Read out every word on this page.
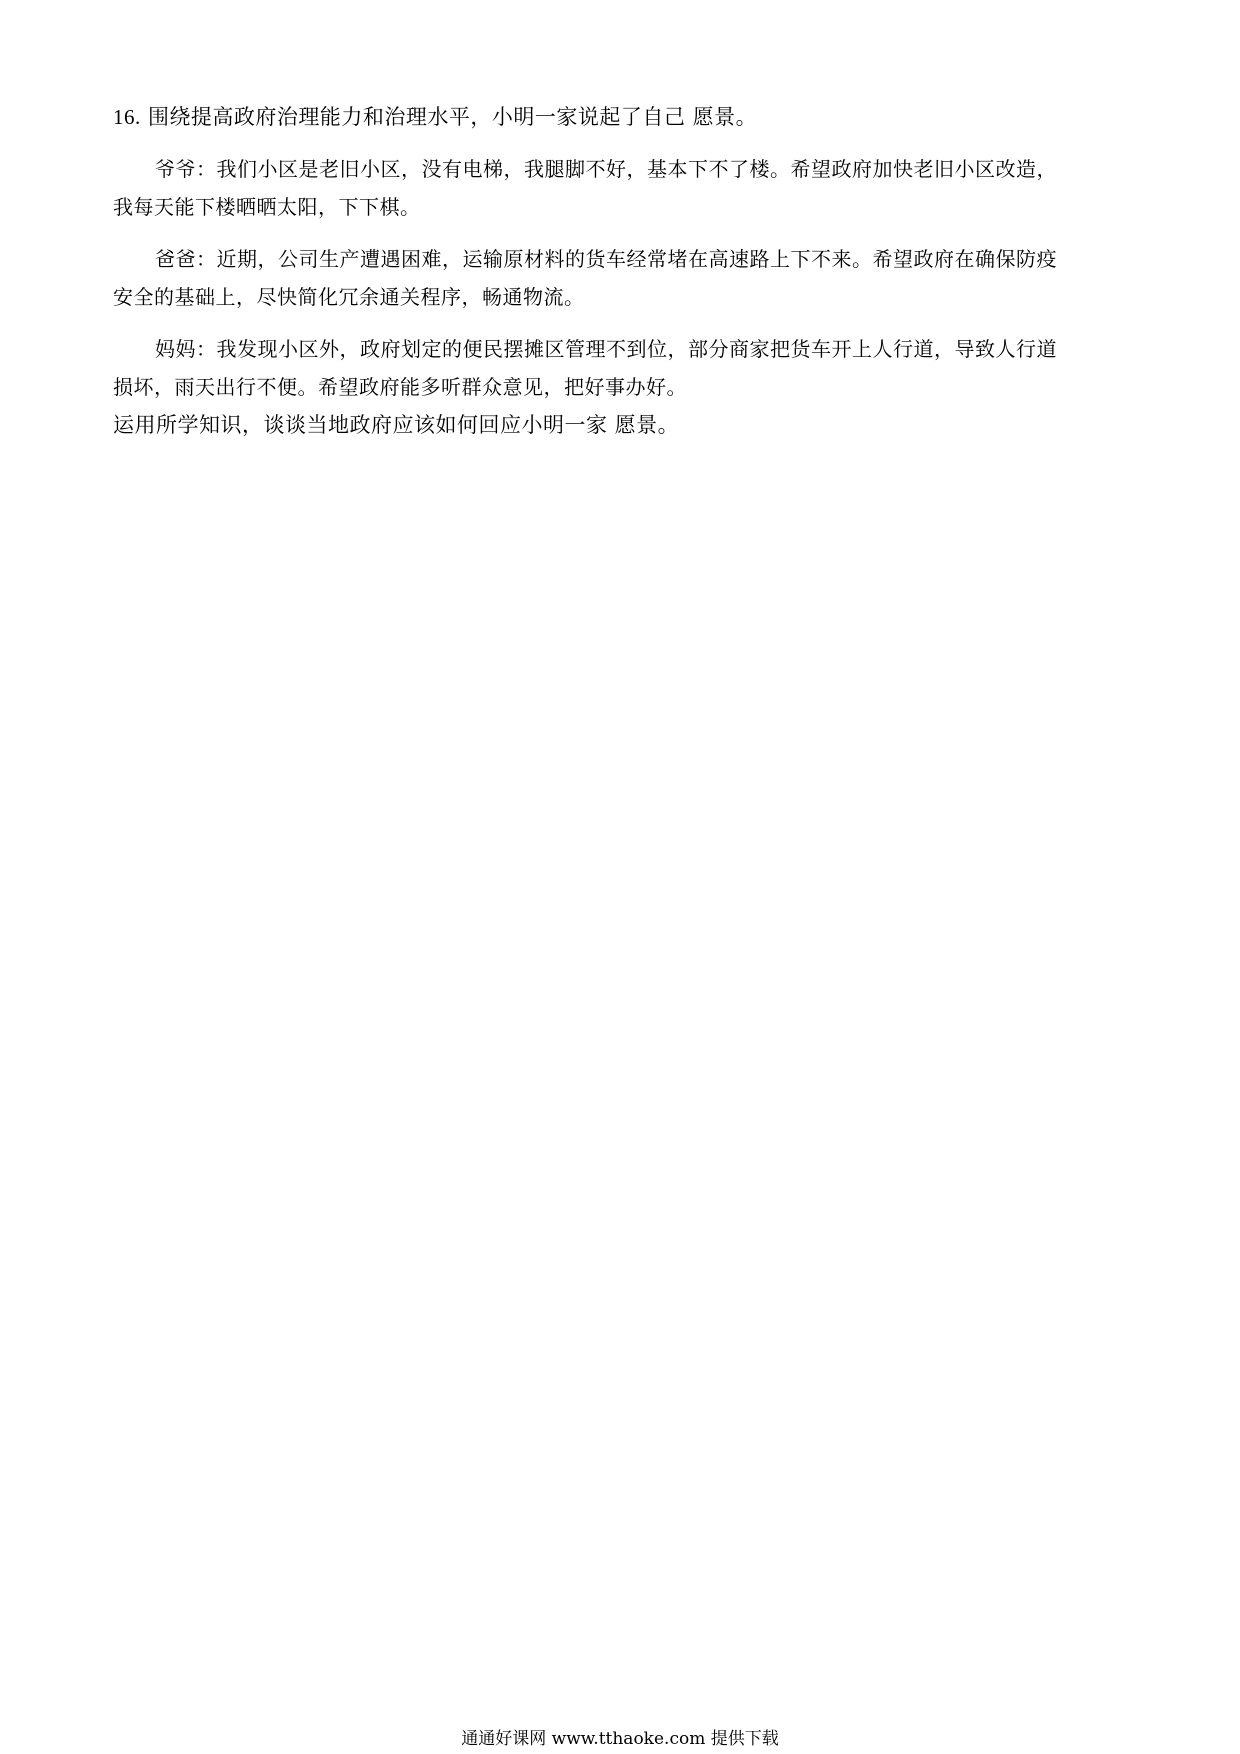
16. 围绕提高政府治理能力和治理水平，小明一家说起了自己 愿景。
爷爷：我们小区是老旧小区，没有电梯，我腿脚不好，基本下不了楼。希望政府加快老旧小区改造，
我每天能下楼晒晒太阳，下下棋。
爸爸：近期，公司生产遭遇困难，运输原材料的货车经常堵在高速路上下不来。希望政府在确保防疫
安全的基础上，尽快简化冗余通关程序，畅通物流。
妈妈：我发现小区外，政府划定的便民摆摊区管理不到位，部分商家把货车开上人行道，导致人行道
损坏，雨天出行不便。希望政府能多听群众意见，把好事办好。
运用所学知识，谈谈当地政府应该如何回应小明一家 愿景。
通通好课网 www.tthaoke.com 提供下载
